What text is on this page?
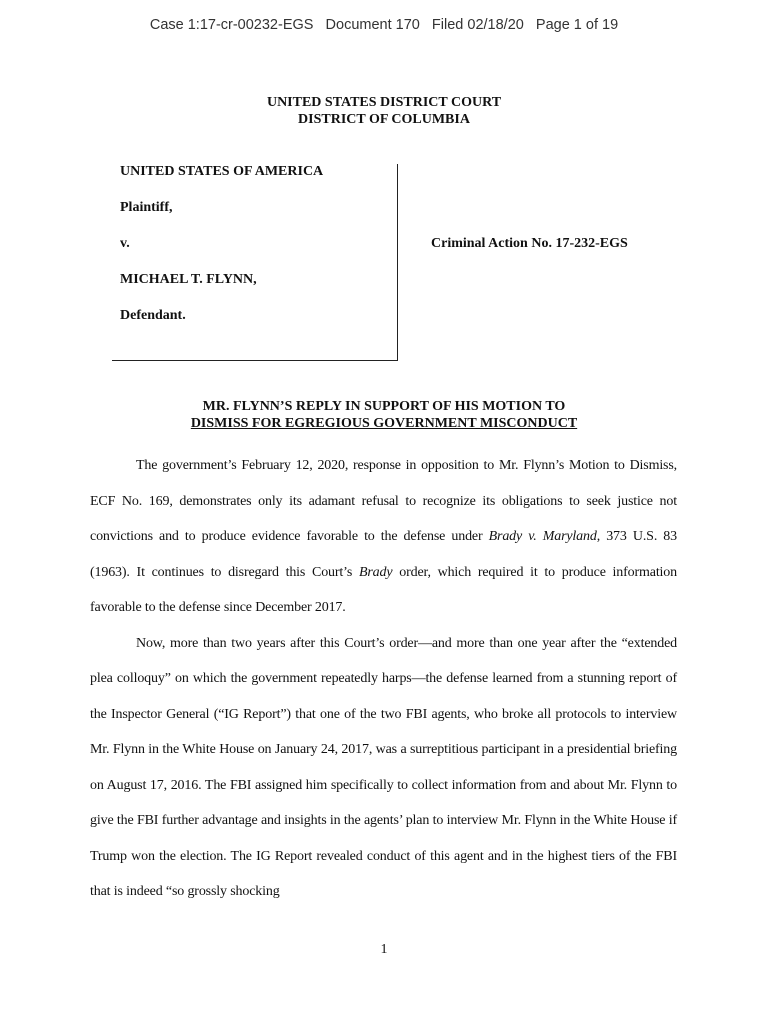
Case 1:17-cr-00232-EGS   Document 170   Filed 02/18/20   Page 1 of 19
UNITED STATES DISTRICT COURT
DISTRICT OF COLUMBIA
UNITED STATES OF AMERICA
Plaintiff,
v.
MICHAEL T. FLYNN,
Defendant.
Criminal Action No. 17-232-EGS
MR. FLYNN’S REPLY IN SUPPORT OF HIS MOTION TO
DISMISS FOR EGREGIOUS GOVERNMENT MISCONDUCT

The government’s February 12, 2020, response in opposition to Mr. Flynn’s Motion to Dismiss, ECF No. 169, demonstrates only its adamant refusal to recognize its obligations to seek justice not convictions and to produce evidence favorable to the defense under Brady v. Maryland, 373 U.S. 83 (1963). It continues to disregard this Court’s Brady order, which required it to produce information favorable to the defense since December 2017.

Now, more than two years after this Court’s order—and more than one year after the “extended plea colloquy” on which the government repeatedly harps—the defense learned from a stunning report of the Inspector General (“IG Report”) that one of the two FBI agents, who broke all protocols to interview Mr. Flynn in the White House on January 24, 2017, was a surreptitious participant in a presidential briefing on August 17, 2016. The FBI assigned him specifically to collect information from and about Mr. Flynn to give the FBI further advantage and insights in the agents’ plan to interview Mr. Flynn in the White House if Trump won the election. The IG Report revealed conduct of this agent and in the highest tiers of the FBI that is indeed “so grossly shocking

1
